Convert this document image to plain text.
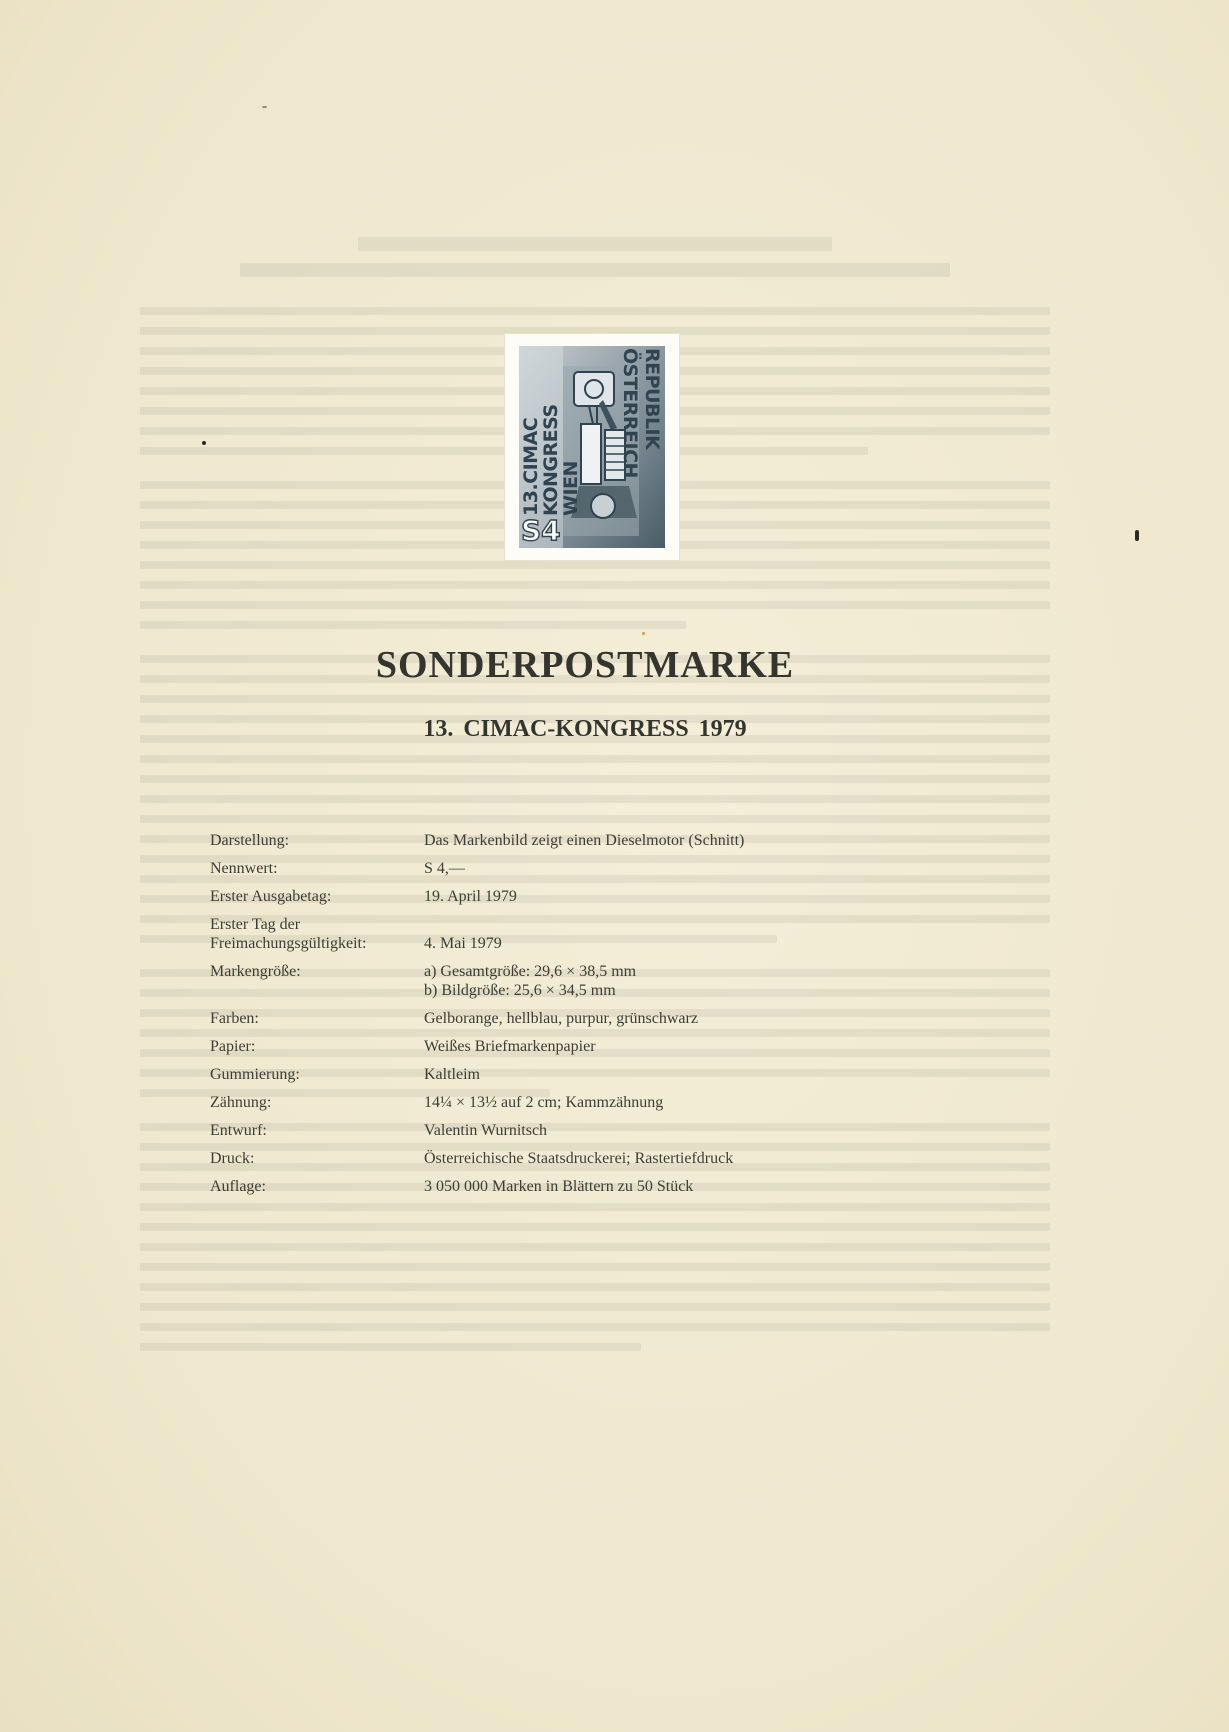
13.CIMAC KONGRESS
WIEN
REPUBLIK ÖSTERREICH
S4
SONDERPOSTMARKE
13. CIMAC-KONGRESS 1979
Darstellung:	Das Markenbild zeigt einen Dieselmotor (Schnitt)
Nennwert:	S 4,—
Erster Ausgabetag:	19. April 1979
Erster Tag der
Freimachungsgültigkeit:	4. Mai 1979
Markengröße:	a) Gesamtgröße: 29,6 × 38,5 mm
b) Bildgröße: 25,6 × 34,5 mm
Farben:	Gelborange, hellblau, purpur, grünschwarz
Papier:	Weißes Briefmarkenpapier
Gummierung:	Kaltleim
Zähnung:	14¼ × 13½ auf 2 cm; Kammzähnung
Entwurf:	Valentin Wurnitsch
Druck:	Österreichische Staatsdruckerei; Rastertiefdruck
Auflage:	3 050 000 Marken in Blättern zu 50 Stück
